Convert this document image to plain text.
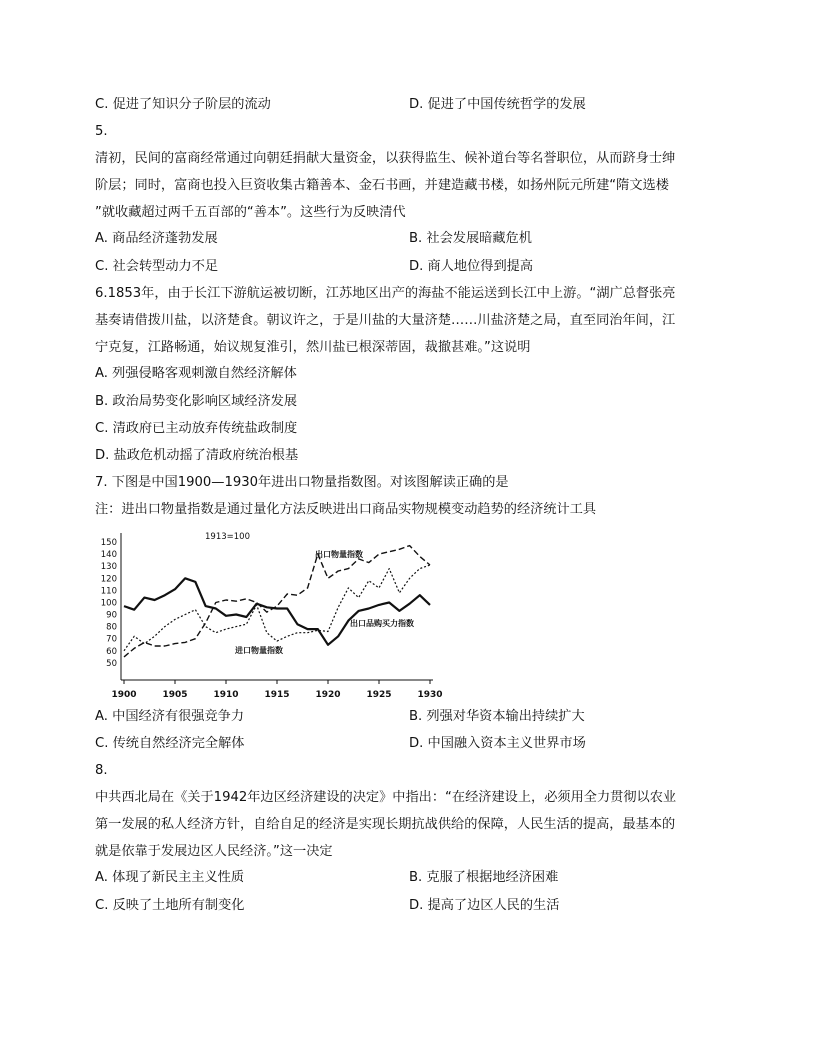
C. 促进了知识分子阶层的流动	D. 促进了中国传统哲学的发展
5.
清初，民间的富商经常通过向朝廷捐献大量资金，以获得监生、候补道台等名誉职位，从而跻身士绅
阶层；同时，富商也投入巨资收集古籍善本、金石书画，并建造藏书楼，如扬州阮元所建“隋文选楼
”就收藏超过两千五百部的“善本”。这些行为反映清代
A. 商品经济蓬勃发展	B. 社会发展暗藏危机
C. 社会转型动力不足	D. 商人地位得到提高
6.1853年，由于长江下游航运被切断，江苏地区出产的海盐不能运送到长江中上游。“湖广总督张亮
基奏请借拨川盐，以济楚食。朝议许之，于是川盐的大量济楚……川盐济楚之局，直至同治年间，江
宁克复，江路畅通，始议规复淮引，然川盐已根深蒂固，裁撤甚难。”这说明
A. 列强侵略客观刺激自然经济解体
B. 政治局势变化影响区域经济发展
C. 清政府已主动放弃传统盐政制度
D. 盐政危机动摇了清政府统治根基
7. 下图是中国1900—1930年进出口物量指数图。对该图解读正确的是
注：进出口物量指数是通过量化方法反映进出口商品实物规模变动趋势的经济统计工具
1913=100
50
60
70
80
90
100
110
120
130
140
150
1900	1905	1910	1915	1920	1925	1930
出口物量指数
出口品购买力指数
进口物量指数
A. 中国经济有很强竞争力	B. 列强对华资本输出持续扩大
C. 传统自然经济完全解体	D. 中国融入资本主义世界市场
8.
中共西北局在《关于1942年边区经济建设的决定》中指出：“在经济建设上，必须用全力贯彻以农业
第一发展的私人经济方针，自给自足的经济是实现长期抗战供给的保障，人民生活的提高，最基本的
就是依靠于发展边区人民经济。”这一决定
A. 体现了新民主主义性质	B. 克服了根据地经济困难
C. 反映了土地所有制变化	D. 提高了边区人民的生活
